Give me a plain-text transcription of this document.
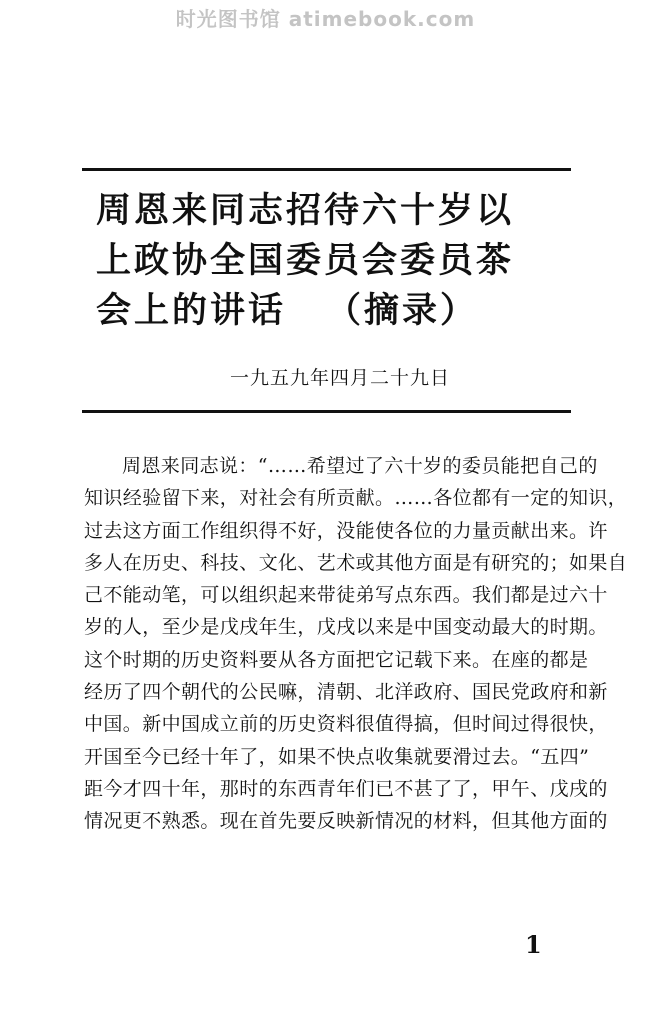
时光图书馆 atimebook.com
周恩来同志招待六十岁以
上政协全国委员会委员茶
会上的讲话 （摘录）
一九五九年四月二十九日
周恩来同志说：“……希望过了六十岁的委员能把自己的
知识经验留下来，对社会有所贡献。……各位都有一定的知识，
过去这方面工作组织得不好，没能使各位的力量贡献出来。许
多人在历史、科技、文化、艺术或其他方面是有研究的；如果自
己不能动笔，可以组织起来带徒弟写点东西。我们都是过六十
岁的人，至少是戊戌年生，戊戌以来是中国变动最大的时期。
这个时期的历史资料要从各方面把它记载下来。在座的都是
经历了四个朝代的公民嘛，清朝、北洋政府、国民党政府和新
中国。新中国成立前的历史资料很值得搞，但时间过得很快，
开国至今已经十年了，如果不快点收集就要滑过去。“五四”
距今才四十年，那时的东西青年们已不甚了了，甲午、戊戌的
情况更不熟悉。现在首先要反映新情况的材料，但其他方面的
1
